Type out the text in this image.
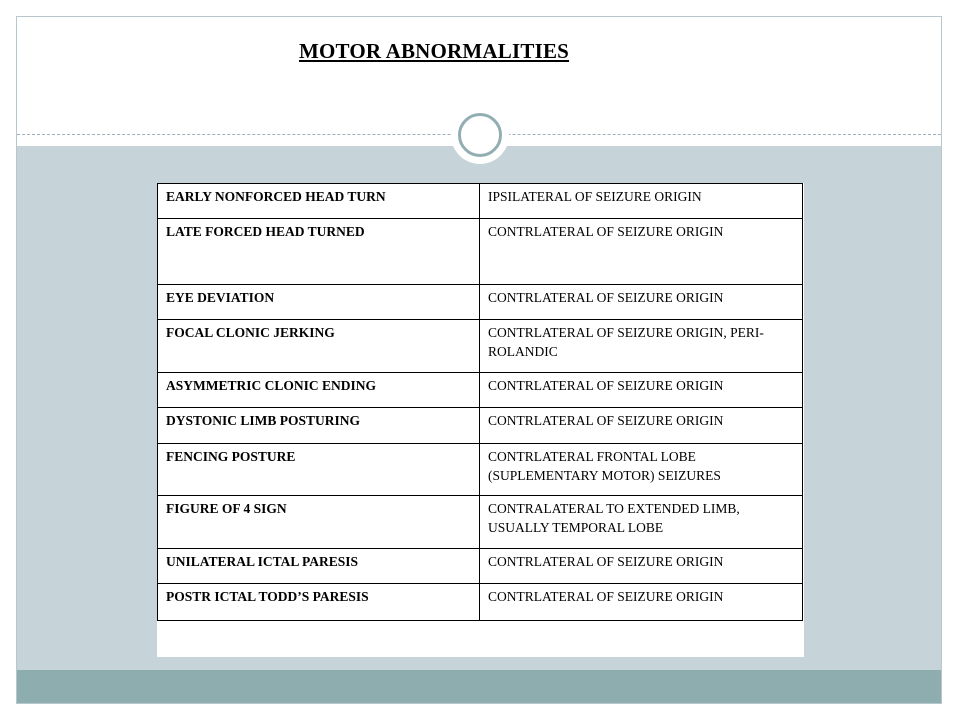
MOTOR ABNORMALITIES
EARLY NONFORCED HEAD TURN	IPSILATERAL OF SEIZURE ORIGIN
LATE FORCED HEAD TURNED	CONTRLATERAL OF SEIZURE ORIGIN
EYE DEVIATION	CONTRLATERAL OF SEIZURE ORIGIN
FOCAL CLONIC JERKING	CONTRLATERAL OF SEIZURE ORIGIN, PERI-ROLANDIC
ASYMMETRIC CLONIC ENDING	CONTRLATERAL OF SEIZURE ORIGIN
DYSTONIC LIMB POSTURING	CONTRLATERAL OF SEIZURE ORIGIN
FENCING POSTURE	CONTRLATERAL FRONTAL LOBE (SUPLEMENTARY MOTOR) SEIZURES
FIGURE OF 4 SIGN	CONTRALATERAL TO EXTENDED LIMB, USUALLY TEMPORAL LOBE
UNILATERAL ICTAL PARESIS	CONTRLATERAL OF SEIZURE ORIGIN
POSTR ICTAL TODD’S PARESIS	CONTRLATERAL OF SEIZURE ORIGIN
